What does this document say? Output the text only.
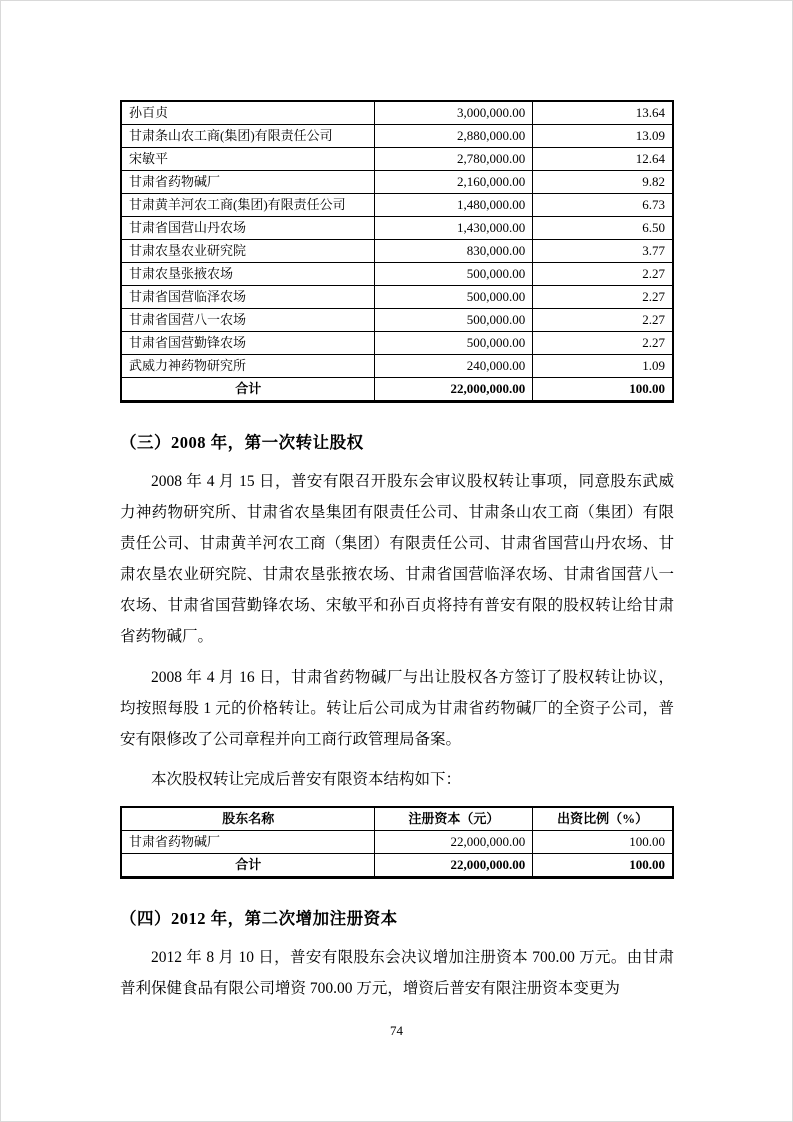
孙百贞	3,000,000.00	13.64
甘肃条山农工商(集团)有限责任公司	2,880,000.00	13.09
宋敏平	2,780,000.00	12.64
甘肃省药物碱厂	2,160,000.00	9.82
甘肃黄羊河农工商(集团)有限责任公司	1,480,000.00	6.73
甘肃省国营山丹农场	1,430,000.00	6.50
甘肃农垦农业研究院	830,000.00	3.77
甘肃农垦张掖农场	500,000.00	2.27
甘肃省国营临泽农场	500,000.00	2.27
甘肃省国营八一农场	500,000.00	2.27
甘肃省国营勤锋农场	500,000.00	2.27
武威力神药物研究所	240,000.00	1.09
合计	22,000,000.00	100.00
（三）2008 年，第一次转让股权

2008 年 4 月 15 日，普安有限召开股东会审议股权转让事项，同意股东武威力神药物研究所、甘肃省农垦集团有限责任公司、甘肃条山农工商（集团）有限责任公司、甘肃黄羊河农工商（集团）有限责任公司、甘肃省国营山丹农场、甘肃农垦农业研究院、甘肃农垦张掖农场、甘肃省国营临泽农场、甘肃省国营八一农场、甘肃省国营勤锋农场、宋敏平和孙百贞将持有普安有限的股权转让给甘肃省药物碱厂。

2008 年 4 月 16 日，甘肃省药物碱厂与出让股权各方签订了股权转让协议，均按照每股 1 元的价格转让。转让后公司成为甘肃省药物碱厂的全资子公司，普安有限修改了公司章程并向工商行政管理局备案。

本次股权转让完成后普安有限资本结构如下：

股东名称	注册资本（元）	出资比例（%）
甘肃省药物碱厂	22,000,000.00	100.00
合计	22,000,000.00	100.00
（四）2012 年，第二次增加注册资本

2012 年 8 月 10 日，普安有限股东会决议增加注册资本 700.00 万元。由甘肃普利保健食品有限公司增资 700.00 万元，增资后普安有限注册资本变更为

74
